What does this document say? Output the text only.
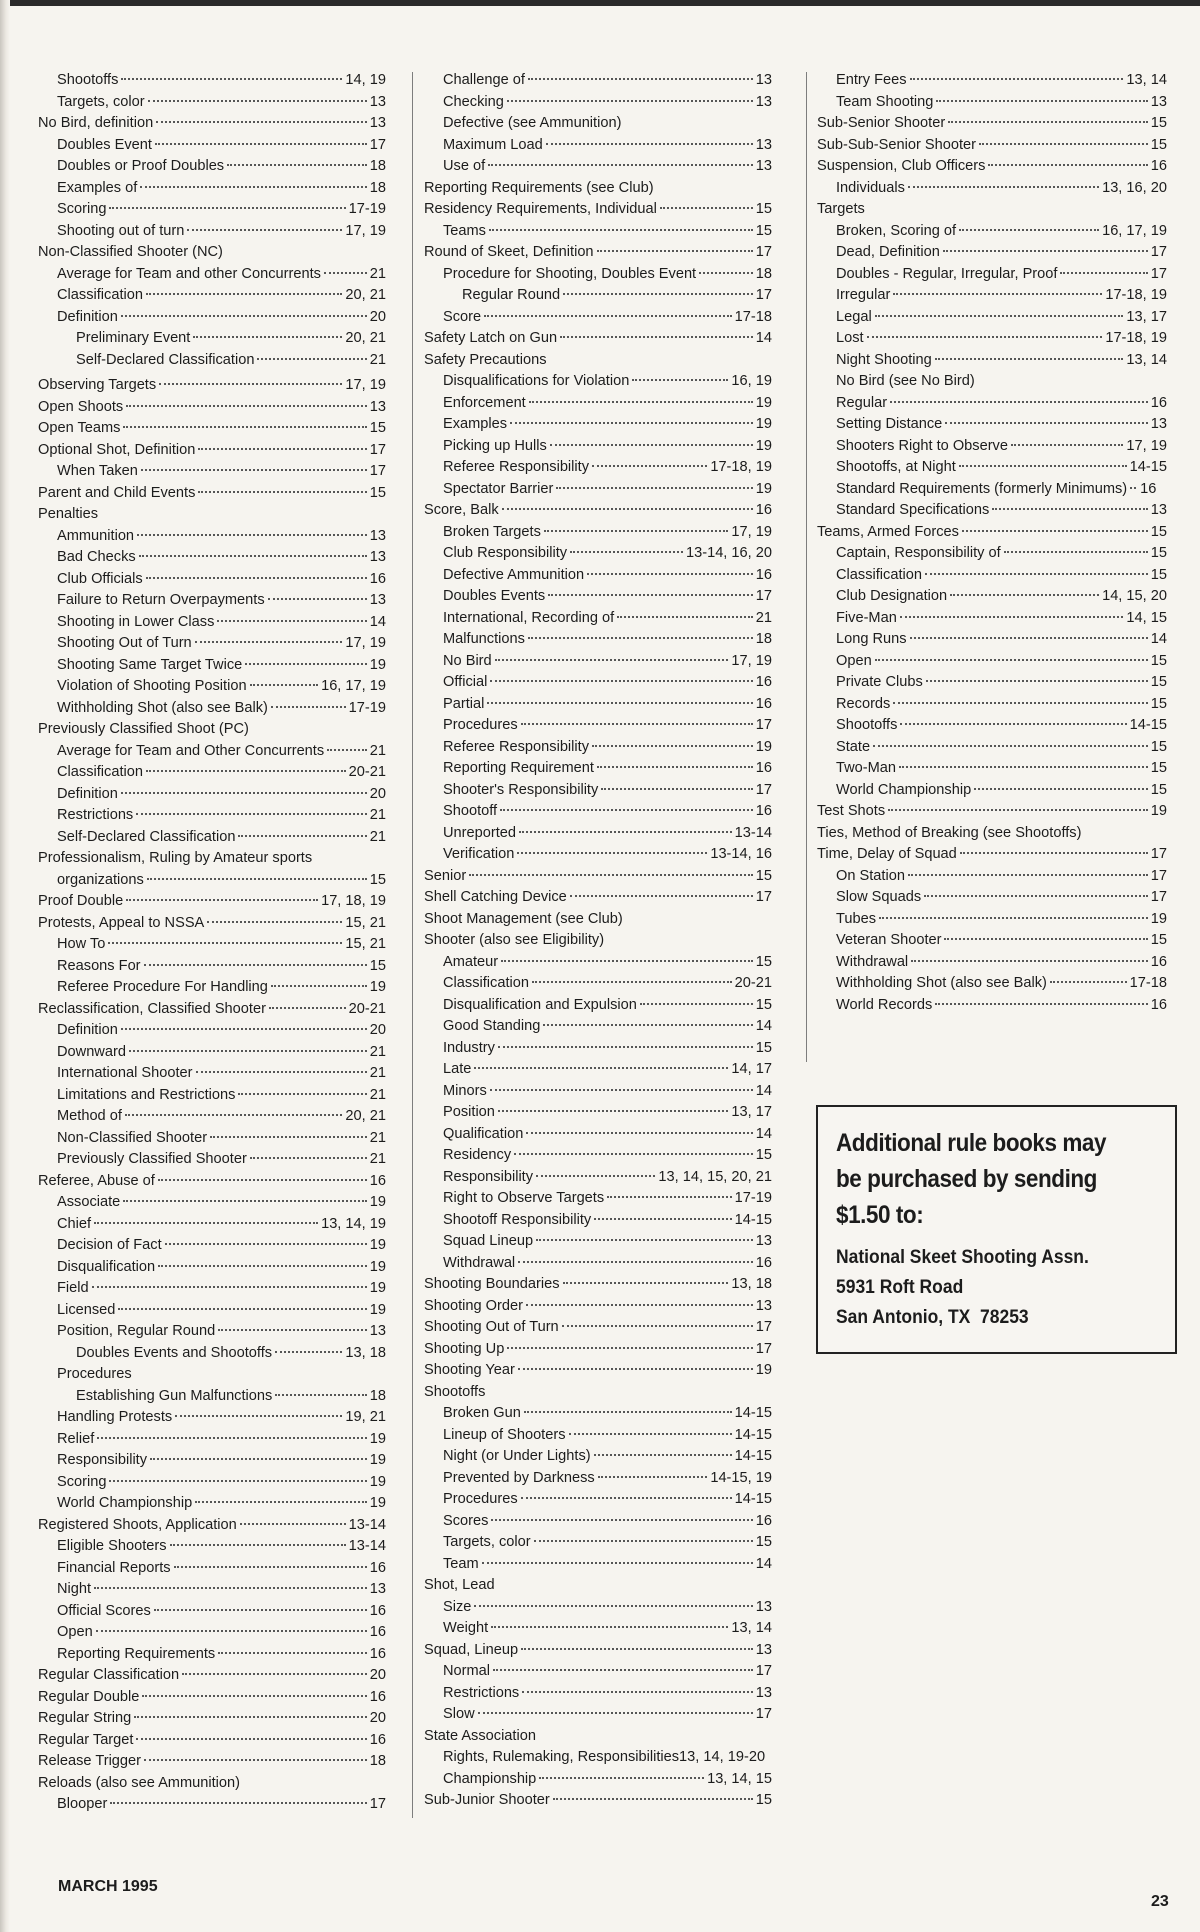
Shootoffs	14, 19
Targets, color	13
No Bird, definition	13
Doubles Event	17
Doubles or Proof Doubles	18
Examples of	18
Scoring	17-19
Shooting out of turn	17, 19
Non-Classified Shooter (NC)
Average for Team and other Concurrents	21
Classification	20, 21
Definition	20
Preliminary Event	20, 21
Self-Declared Classification	21
Observing Targets	17, 19
Open Shoots	13
Open Teams	15
Optional Shot, Definition	17
When Taken	17
Parent and Child Events	15
Penalties
Ammunition	13
Bad Checks	13
Club Officials	16
Failure to Return Overpayments	13
Shooting in Lower Class	14
Shooting Out of Turn	17, 19
Shooting Same Target Twice	19
Violation of Shooting Position	16, 17, 19
Withholding Shot (also see Balk)	17-19
Previously Classified Shoot (PC)
Average for Team and Other Concurrents	21
Classification	20-21
Definition	20
Restrictions	21
Self-Declared Classification	21
Professionalism, Ruling by Amateur sports
organizations	15
Proof Double	17, 18, 19
Protests, Appeal to NSSA	15, 21
How To	15, 21
Reasons For	15
Referee Procedure For Handling	19
Reclassification, Classified Shooter	20-21
Definition	20
Downward	21
International Shooter	21
Limitations and Restrictions	21
Method of	20, 21
Non-Classified Shooter	21
Previously Classified Shooter	21
Referee, Abuse of	16
Associate	19
Chief	13, 14, 19
Decision of Fact	19
Disqualification	19
Field	19
Licensed	19
Position, Regular Round	13
Doubles Events and Shootoffs	13, 18
Procedures
Establishing Gun Malfunctions	18
Handling Protests	19, 21
Relief	19
Responsibility	19
Scoring	19
World Championship	19
Registered Shoots, Application	13-14
Eligible Shooters	13-14
Financial Reports	16
Night	13
Official Scores	16
Open	16
Reporting Requirements	16
Regular Classification	20
Regular Double	16
Regular String	20
Regular Target	16
Release Trigger	18
Reloads (also see Ammunition)
Blooper	17
Challenge of	13
Checking	13
Defective (see Ammunition)
Maximum Load	13
Use of	13
Reporting Requirements (see Club)
Residency Requirements, Individual	15
Teams	15
Round of Skeet, Definition	17
Procedure for Shooting, Doubles Event	18
Regular Round	17
Score	17-18
Safety Latch on Gun	14
Safety Precautions
Disqualifications for Violation	16, 19
Enforcement	19
Examples	19
Picking up Hulls	19
Referee Responsibility	17-18, 19
Spectator Barrier	19
Score, Balk	16
Broken Targets	17, 19
Club Responsibility	13-14, 16, 20
Defective Ammunition	16
Doubles Events	17
International, Recording of	21
Malfunctions	18
No Bird	17, 19
Official	16
Partial	16
Procedures	17
Referee Responsibility	19
Reporting Requirement	16
Shooter's Responsibility	17
Shootoff	16
Unreported	13-14
Verification	13-14, 16
Senior	15
Shell Catching Device	17
Shoot Management (see Club)
Shooter (also see Eligibility)
Amateur	15
Classification	20-21
Disqualification and Expulsion	15
Good Standing	14
Industry	15
Late	14, 17
Minors	14
Position	13, 17
Qualification	14
Residency	15
Responsibility	13, 14, 15, 20, 21
Right to Observe Targets	17-19
Shootoff Responsibility	14-15
Squad Lineup	13
Withdrawal	16
Shooting Boundaries	13, 18
Shooting Order	13
Shooting Out of Turn	17
Shooting Up	17
Shooting Year	19
Shootoffs
Broken Gun	14-15
Lineup of Shooters	14-15
Night (or Under Lights)	14-15
Prevented by Darkness	14-15, 19
Procedures	14-15
Scores	16
Targets, color	15
Team	14
Shot, Lead
Size	13
Weight	13, 14
Squad, Lineup	13
Normal	17
Restrictions	13
Slow	17
State Association
Rights, Rulemaking, Responsibilities 13, 14, 19-20
Championship	13, 14, 15
Sub-Junior Shooter	15
Entry Fees	13, 14
Team Shooting	13
Sub-Senior Shooter	15
Sub-Sub-Senior Shooter	15
Suspension, Club Officers	16
Individuals	13, 16, 20
Targets
Broken, Scoring of	16, 17, 19
Dead, Definition	17
Doubles - Regular, Irregular, Proof	17
Irregular	17-18, 19
Legal	13, 17
Lost	17-18, 19
Night Shooting	13, 14
No Bird (see No Bird)
Regular	16
Setting Distance	13
Shooters Right to Observe	17, 19
Shootoffs, at Night	14-15
Standard Requirements (formerly Minimums) 16
Standard Specifications	13
Teams, Armed Forces	15
Captain, Responsibility of	15
Classification	15
Club Designation	14, 15, 20
Five-Man	14, 15
Long Runs	14
Open	15
Private Clubs	15
Records	15
Shootoffs	14-15
State	15
Two-Man	15
World Championship	15
Test Shots	19
Ties, Method of Breaking (see Shootoffs)
Time, Delay of Squad	17
On Station	17
Slow Squads	17
Tubes	19
Veteran Shooter	15
Withdrawal	16
Withholding Shot (also see Balk)	17-18
World Records	16
Additional rule books may
be purchased by sending
$1.50 to:
National Skeet Shooting Assn.
5931 Roft Road
San Antonio, TX  78253
MARCH 1995
23
